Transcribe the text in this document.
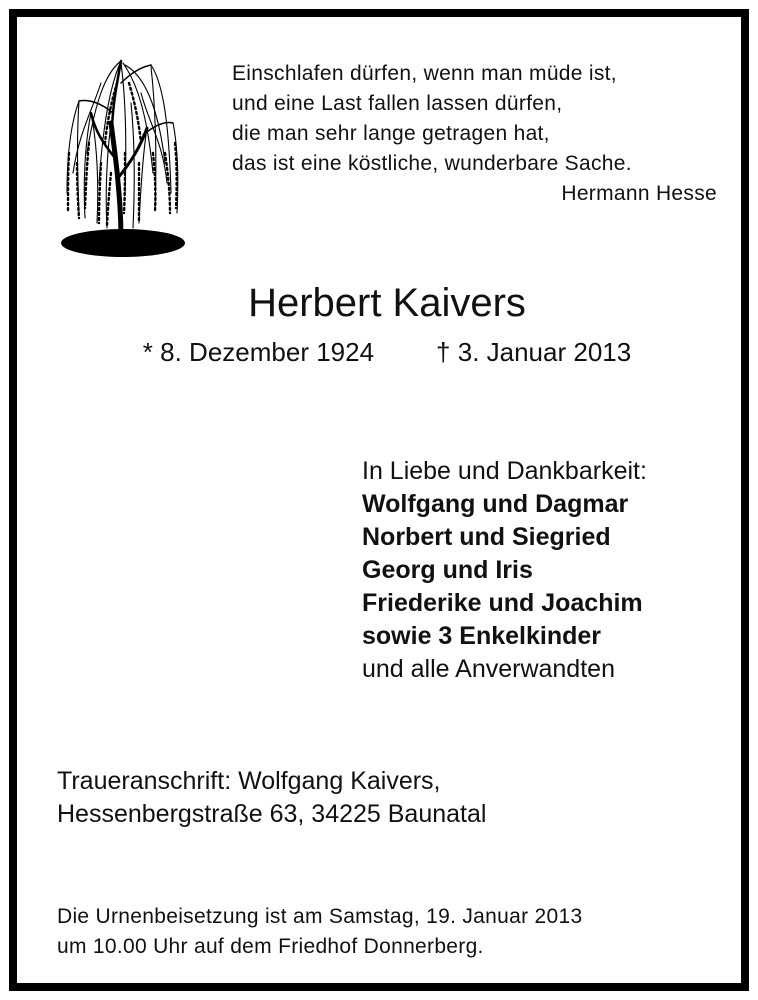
Einschlafen dürfen, wenn man müde ist,
und eine Last fallen lassen dürfen,
die man sehr lange getragen hat,
das ist eine köstliche, wunderbare Sache.
Hermann Hesse
Herbert Kaivers
* 8. Dezember 1924 † 3. Januar 2013
In Liebe und Dankbarkeit:
Wolfgang und Dagmar
Norbert und Siegried
Georg und Iris
Friederike und Joachim
sowie 3 Enkelkinder
und alle Anverwandten
Traueranschrift: Wolfgang Kaivers,
Hessenbergstraße 63, 34225 Baunatal
Die Urnenbeisetzung ist am Samstag, 19. Januar 2013
um 10.00 Uhr auf dem Friedhof Donnerberg.
